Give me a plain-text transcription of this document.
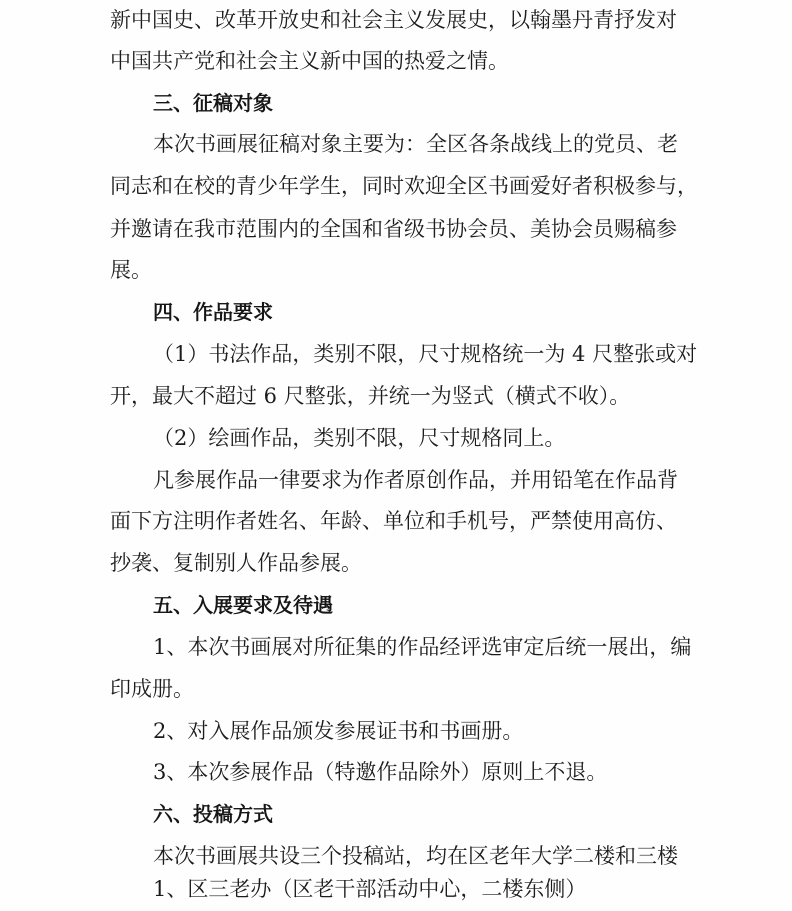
新中国史、改革开放史和社会主义发展史，以翰墨丹青抒发对
中国共产党和社会主义新中国的热爱之情。
三、征稿对象
本次书画展征稿对象主要为：全区各条战线上的党员、老
同志和在校的青少年学生，同时欢迎全区书画爱好者积极参与，
并邀请在我市范围内的全国和省级书协会员、美协会员赐稿参
展。
四、作品要求
（1）书法作品，类别不限，尺寸规格统一为 4 尺整张或对
开，最大不超过 6 尺整张，并统一为竖式（横式不收）。
（2）绘画作品，类别不限，尺寸规格同上。
凡参展作品一律要求为作者原创作品，并用铅笔在作品背
面下方注明作者姓名、年龄、单位和手机号，严禁使用高仿、
抄袭、复制别人作品参展。
五、入展要求及待遇
1、本次书画展对所征集的作品经评选审定后统一展出，编
印成册。
2、对入展作品颁发参展证书和书画册。
3、本次参展作品（特邀作品除外）原则上不退。
六、投稿方式
本次书画展共设三个投稿站，均在区老年大学二楼和三楼
1、区三老办（区老干部活动中心，二楼东侧）
